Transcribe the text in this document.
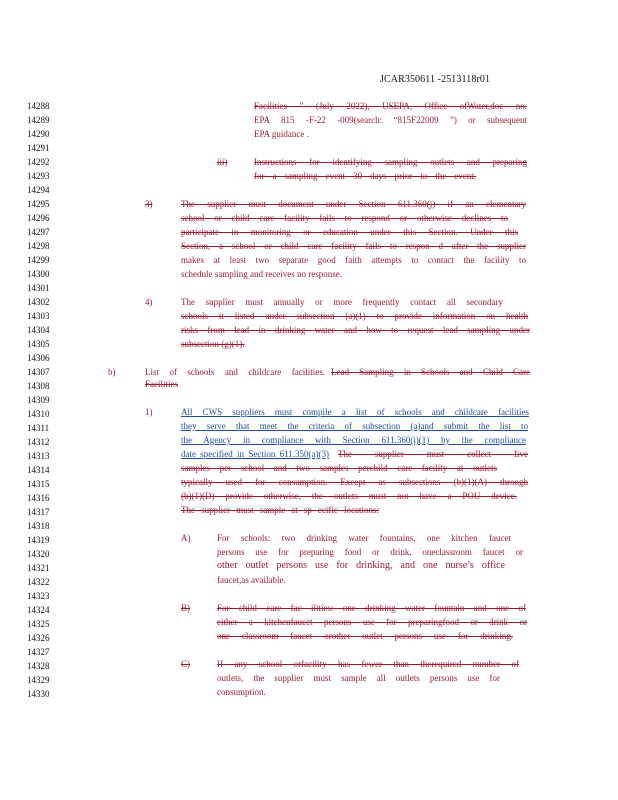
JCAR350611 -2513118r01
14288
14289
14290
14291
14292
14293
14294
14295
14296
14297
14298
14299
14300
14301
14302
14303
14304
14305
14306
14307
14308
14309
14310
14311
14312
14313
14314
14315
14316
14317
14318
14319
14320
14321
14322
14323
14324
14325
14326
14327
14328
14329
14330
Facilities ” (July 2022), USEPA, Office ofWater,doc no.
EPA 815 -F-22 -009(search: “815F22009 ”) or subsequent
EPA guidance .
iii)	Instructions for identifying sampling outlets and preparing
for a sampling event 30 days prior to the event.
3)	The supplier must document under Section 611.360(j) if an elementary
school or child care facility fails to respond or otherwise declines to
participate in monitoring or education under this Section. Under this
Section, a school or child care facility fails to respon d after the supplier
makes at least two separate good faith attempts to contact the facility to
schedule sampling and receives no response.
4)	The supplier must annually or more frequently contact all secondary
schools it listed under subsection (a)(1) to provide information on health
risks from lead in drinking water and how to request lead sampling under
subsection (g)(1).
b)	List of schools and childcare facilities. Lead Sampling in Schools and Child Care
Facilities
1)	All CWS suppliers must compile a list of schools and childcare facilities
they serve that meet the criteria of subsection (a)and submit the list to
the Agency in compliance with Section 611.360(i)(1) by the compliance
date specified in Section 611.350(a)(3) The supplier must collect five
samples per school and two samples perchild care facility at outlets
typically used for consumption. Except as subsections (b)(1)(A) through
(b)(1)(D) provide otherwise, the outlets must not have a POU device.
The supplier must sample at sp ecific locations:
A)	For schools: two drinking water fountains, one kitchen faucet
persons use for preparing food or drink, oneclassroom faucet or
other outlet persons use for drinking, and one nurse’s office
faucet,as available.
B)	For child care fac ilities: one drinking water fountain and one of
either a kitchenfaucet persons use for preparingfood or drink or
one classroom faucet orother outlet persons use for drinking.
C)	If any school orfacility has fewer than therequired number of
outlets, the supplier must sample all outlets persons use for
consumption.
